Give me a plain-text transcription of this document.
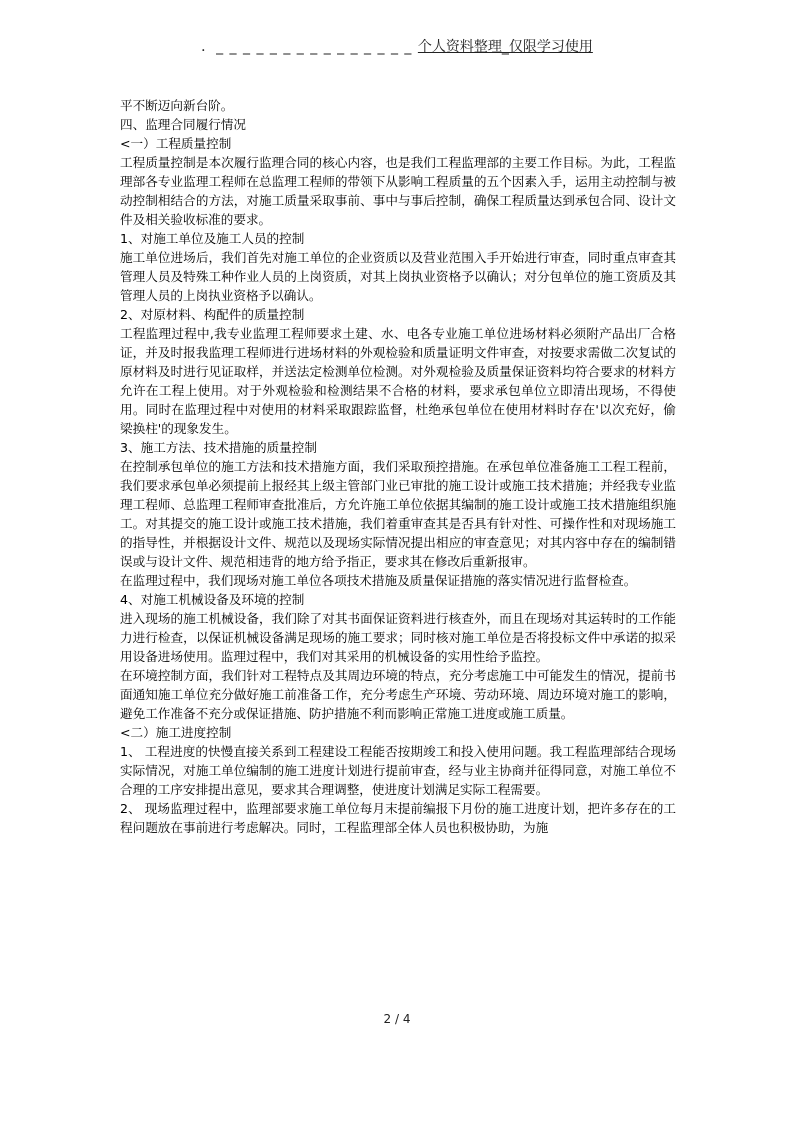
．_ _ _ _ _ _ _ _ _ _ _ _ _ _ _ 个人资料整理_仅限学习使用

平不断迈向新台阶。

四、监理合同履行情况

<一）工程质量控制

工程质量控制是本次履行监理合同的核心内容，也是我们工程监理部的主要工作目标。为此，工程监理部各专业监理工程师在总监理工程师的带领下从影响工程质量的五个因素入手，运用主动控制与被动控制相结合的方法，对施工质量采取事前、事中与事后控制，确保工程质量达到承包合同、设计文件及相关验收标准的要求。

1、对施工单位及施工人员的控制

施工单位进场后，我们首先对施工单位的企业资质以及营业范围入手开始进行审查，同时重点审查其管理人员及特殊工种作业人员的上岗资质，对其上岗执业资格予以确认；对分包单位的施工资质及其管理人员的上岗执业资格予以确认。

2、对原材料、构配件的质量控制

工程监理过程中,我专业监理工程师要求土建、水、电各专业施工单位进场材料必须附产品出厂合格证，并及时报我监理工程师进行进场材料的外观检验和质量证明文件审查，对按要求需做二次复试的原材料及时进行见证取样，并送法定检测单位检测。对外观检验及质量保证资料均符合要求的材料方允许在工程上使用。对于外观检验和检测结果不合格的材料，要求承包单位立即清出现场，不得使用。同时在监理过程中对使用的材料采取跟踪监督，杜绝承包单位在使用材料时存在'以次充好，偷梁换柱'的现象发生。

3、施工方法、技术措施的质量控制

在控制承包单位的施工方法和技术措施方面，我们采取预控措施。在承包单位准备施工工程工程前，我们要求承包单必须提前上报经其上级主管部门业已审批的施工设计或施工技术措施；并经我专业监理工程师、总监理工程师审查批准后，方允许施工单位依据其编制的施工设计或施工技术措施组织施工。对其提交的施工设计或施工技术措施，我们着重审查其是否具有针对性、可操作性和对现场施工的指导性，并根据设计文件、规范以及现场实际情况提出相应的审查意见；对其内容中存在的编制错误或与设计文件、规范相违背的地方给予指正，要求其在修改后重新报审。

在监理过程中，我们现场对施工单位各项技术措施及质量保证措施的落实情况进行监督检查。

4、对施工机械设备及环境的控制

进入现场的施工机械设备，我们除了对其书面保证资料进行核查外，而且在现场对其运转时的工作能力进行检查，以保证机械设备满足现场的施工要求；同时核对施工单位是否将投标文件中承诺的拟采用设备进场使用。监理过程中，我们对其采用的机械设备的实用性给予监控。

在环境控制方面，我们针对工程特点及其周边环境的特点，充分考虑施工中可能发生的情况，提前书面通知施工单位充分做好施工前准备工作，充分考虑生产环境、劳动环境、周边环境对施工的影响，避免工作准备不充分或保证措施、防护措施不利而影响正常施工进度或施工质量。

<二）施工进度控制

1、 工程进度的快慢直接关系到工程建设工程能否按期竣工和投入使用问题。我工程监理部结合现场实际情况，对施工单位编制的施工进度计划进行提前审查，经与业主协商并征得同意，对施工单位不合理的工序安排提出意见，要求其合理调整，使进度计划满足实际工程需要。

2、 现场监理过程中，监理部要求施工单位每月末提前编报下月份的施工进度计划，把许多存在的工程问题放在事前进行考虑解决。同时，工程监理部全体人员也积极协助，为施

2 / 4
